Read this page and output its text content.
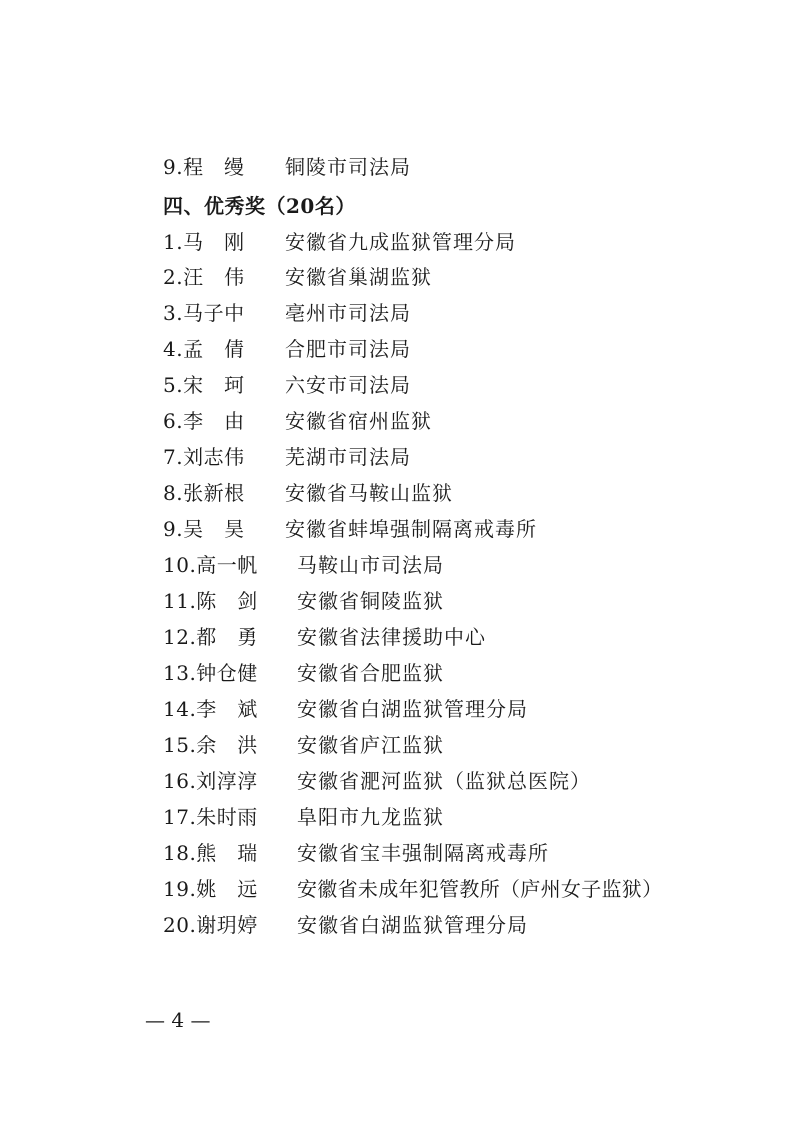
9.程　缦 铜陵市司法局
四、优秀奖（20名）
1.马　刚 安徽省九成监狱管理分局
2.汪　伟 安徽省巢湖监狱
3.马子中 亳州市司法局
4.孟　倩 合肥市司法局
5.宋　珂 六安市司法局
6.李　由 安徽省宿州监狱
7.刘志伟 芜湖市司法局
8.张新根 安徽省马鞍山监狱
9.吴　昊 安徽省蚌埠强制隔离戒毒所
10.高一帆 马鞍山市司法局
11.陈　剑 安徽省铜陵监狱
12.都　勇 安徽省法律援助中心
13.钟仓健 安徽省合肥监狱
14.李　斌 安徽省白湖监狱管理分局
15.余　洪 安徽省庐江监狱
16.刘淳淳 安徽省淝河监狱（监狱总医院）
17.朱时雨 阜阳市九龙监狱
18.熊　瑞 安徽省宝丰强制隔离戒毒所
19.姚　远 安徽省未成年犯管教所（庐州女子监狱）
20.谢玥婷 安徽省白湖监狱管理分局
— 4 —
